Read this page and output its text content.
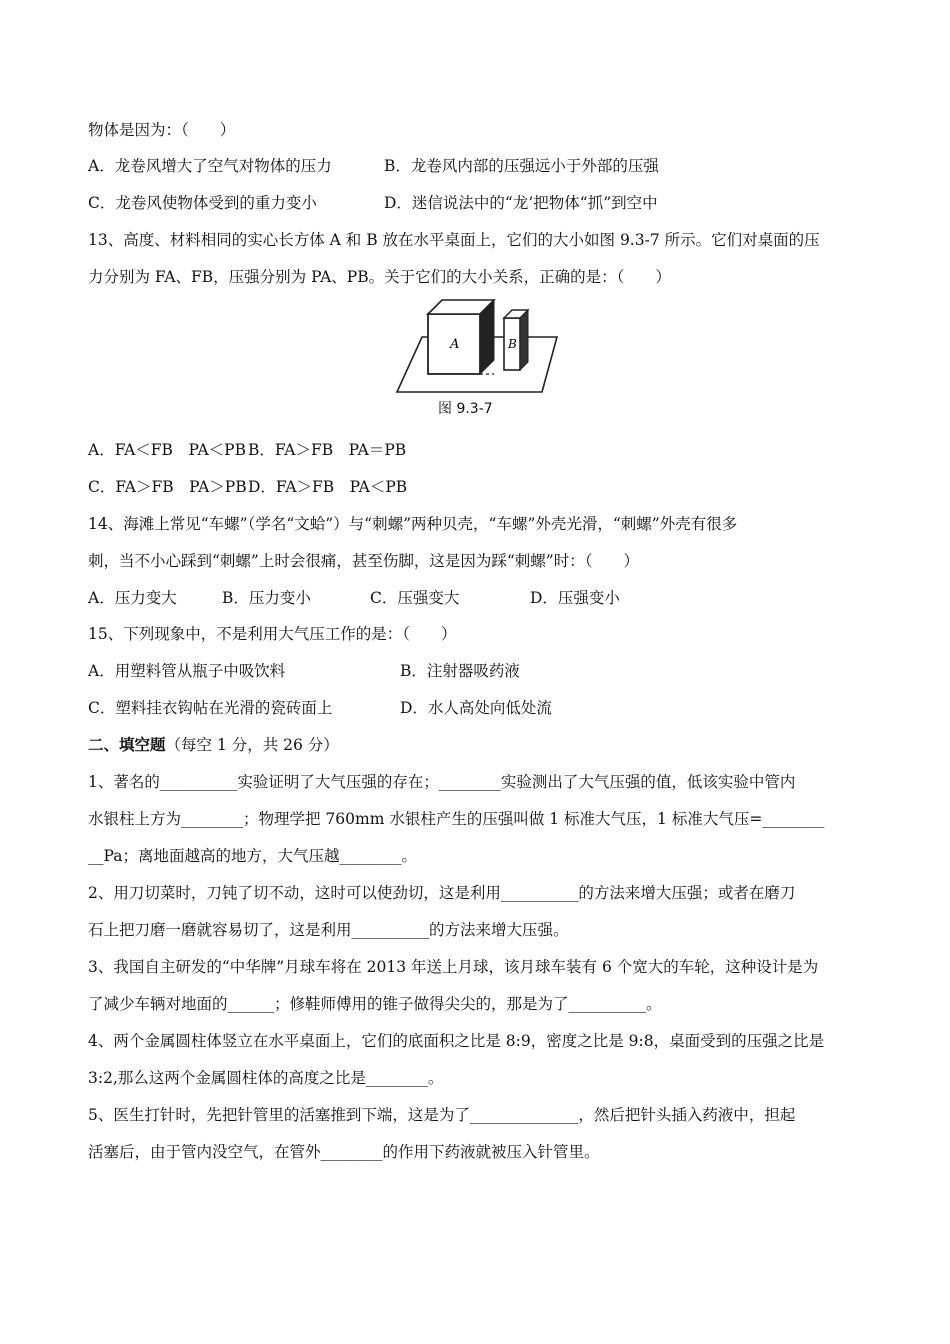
物体是因为：（　　）
A．龙卷风增大了空气对物体的压力	B．龙卷风内部的压强远小于外部的压强
C．龙卷风使物体受到的重力变小	D．迷信说法中的“龙’把物体“抓”到空中
13、高度、材料相同的实心长方体 A 和 B 放在水平桌面上，它们的大小如图 9.3-7 所示。它们对桌面的压
力分别为 FA、FB，压强分别为 PA、PB。关于它们的大小关系，正确的是：（　　）
A	B
图 9.3-7
A．FA＜FB　PA＜PB B．FA＞FB　PA＝PB
C．FA＞FB　PA＞PB D．FA＞FB　PA＜PB
14、海滩上常见“车螺”（学名“文蛤”）与“刺螺”两种贝壳，“车螺”外壳光滑，“刺螺”外壳有很多
刺，当不小心踩到“刺螺”上时会很痛，甚至伤脚，这是因为踩“刺螺”时：（　　）
A．压力变大	B．压力变小	C．压强变大	D．压强变小
15、下列现象中，不是利用大气压工作的是：（　　）
A．用塑料管从瓶子中吸饮料	B．注射器吸药液
C．塑料挂衣钩帖在光滑的瓷砖面上	D．水人高处向低处流
二、填空题（每空 1 分，共 26 分）
1、著名的__________实验证明了大气压强的存在；________实验测出了大气压强的值，低该实验中管内
水银柱上方为________；物理学把 760mm 水银柱产生的压强叫做 1 标准大气压，1 标准大气压=________
__Pa；离地面越高的地方，大气压越________。
2、用刀切菜时，刀钝了切不动，这时可以使劲切，这是利用__________的方法来增大压强；或者在磨刀
石上把刀磨一磨就容易切了，这是利用__________的方法来增大压强。
3、我国自主研发的“中华牌”月球车将在 2013 年送上月球，该月球车装有 6 个宽大的车轮，这种设计是为
了减少车辆对地面的______；修鞋师傅用的锥子做得尖尖的，那是为了__________。
4、两个金属圆柱体竖立在水平桌面上，它们的底面积之比是 8:9，密度之比是 9:8，桌面受到的压强之比是
3:2,那么这两个金属圆柱体的高度之比是________。
5、医生打针时，先把针管里的活塞推到下端，这是为了______________，然后把针头插入药液中，担起
活塞后，由于管内没空气，在管外________的作用下药液就被压入针管里。
